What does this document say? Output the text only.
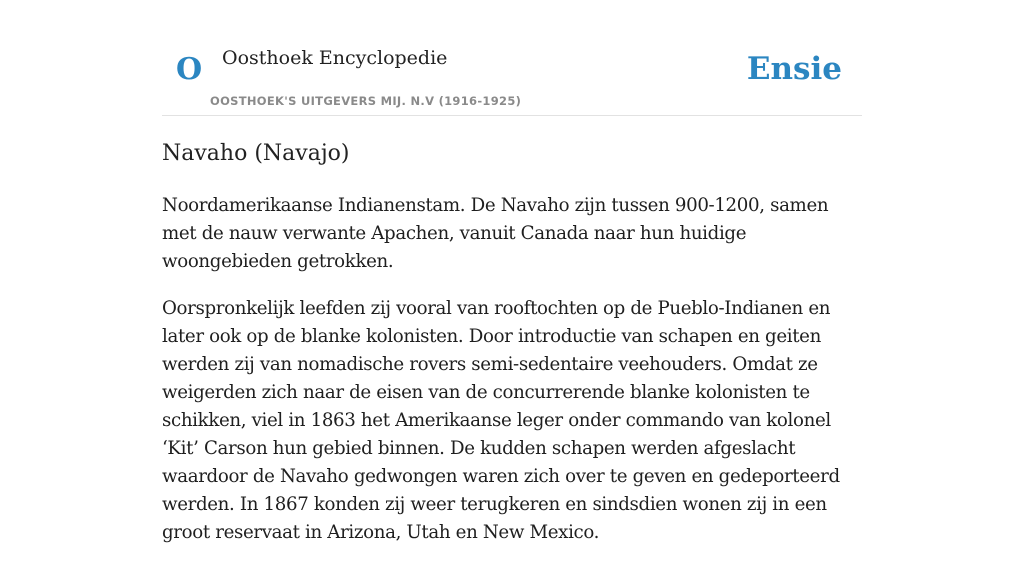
O Oosthoek Encyclopedie
OOSTHOEK'S UITGEVERS MIJ. N.V (1916-1925)
Ensie
Navaho (Navajo)

Noordamerikaanse Indianenstam. De Navaho zijn tussen 900-1200, samen met de nauw verwante Apachen, vanuit Canada naar hun huidige woongebieden getrokken.

Oorspronkelijk leefden zij vooral van rooftochten op de Pueblo-Indianen en later ook op de blanke kolonisten. Door introductie van schapen en geiten werden zij van nomadische rovers semi-sedentaire veehouders. Omdat ze weigerden zich naar de eisen van de concurrerende blanke kolonisten te schikken, viel in 1863 het Amerikaanse leger onder commando van kolonel ‘Kit’ Carson hun gebied binnen. De kudden schapen werden afgeslacht waardoor de Navaho gedwongen waren zich over te geven en gedeporteerd werden. In 1867 konden zij weer terugkeren en sindsdien wonen zij in een groot reservaat in Arizona, Utah en New Mexico.
